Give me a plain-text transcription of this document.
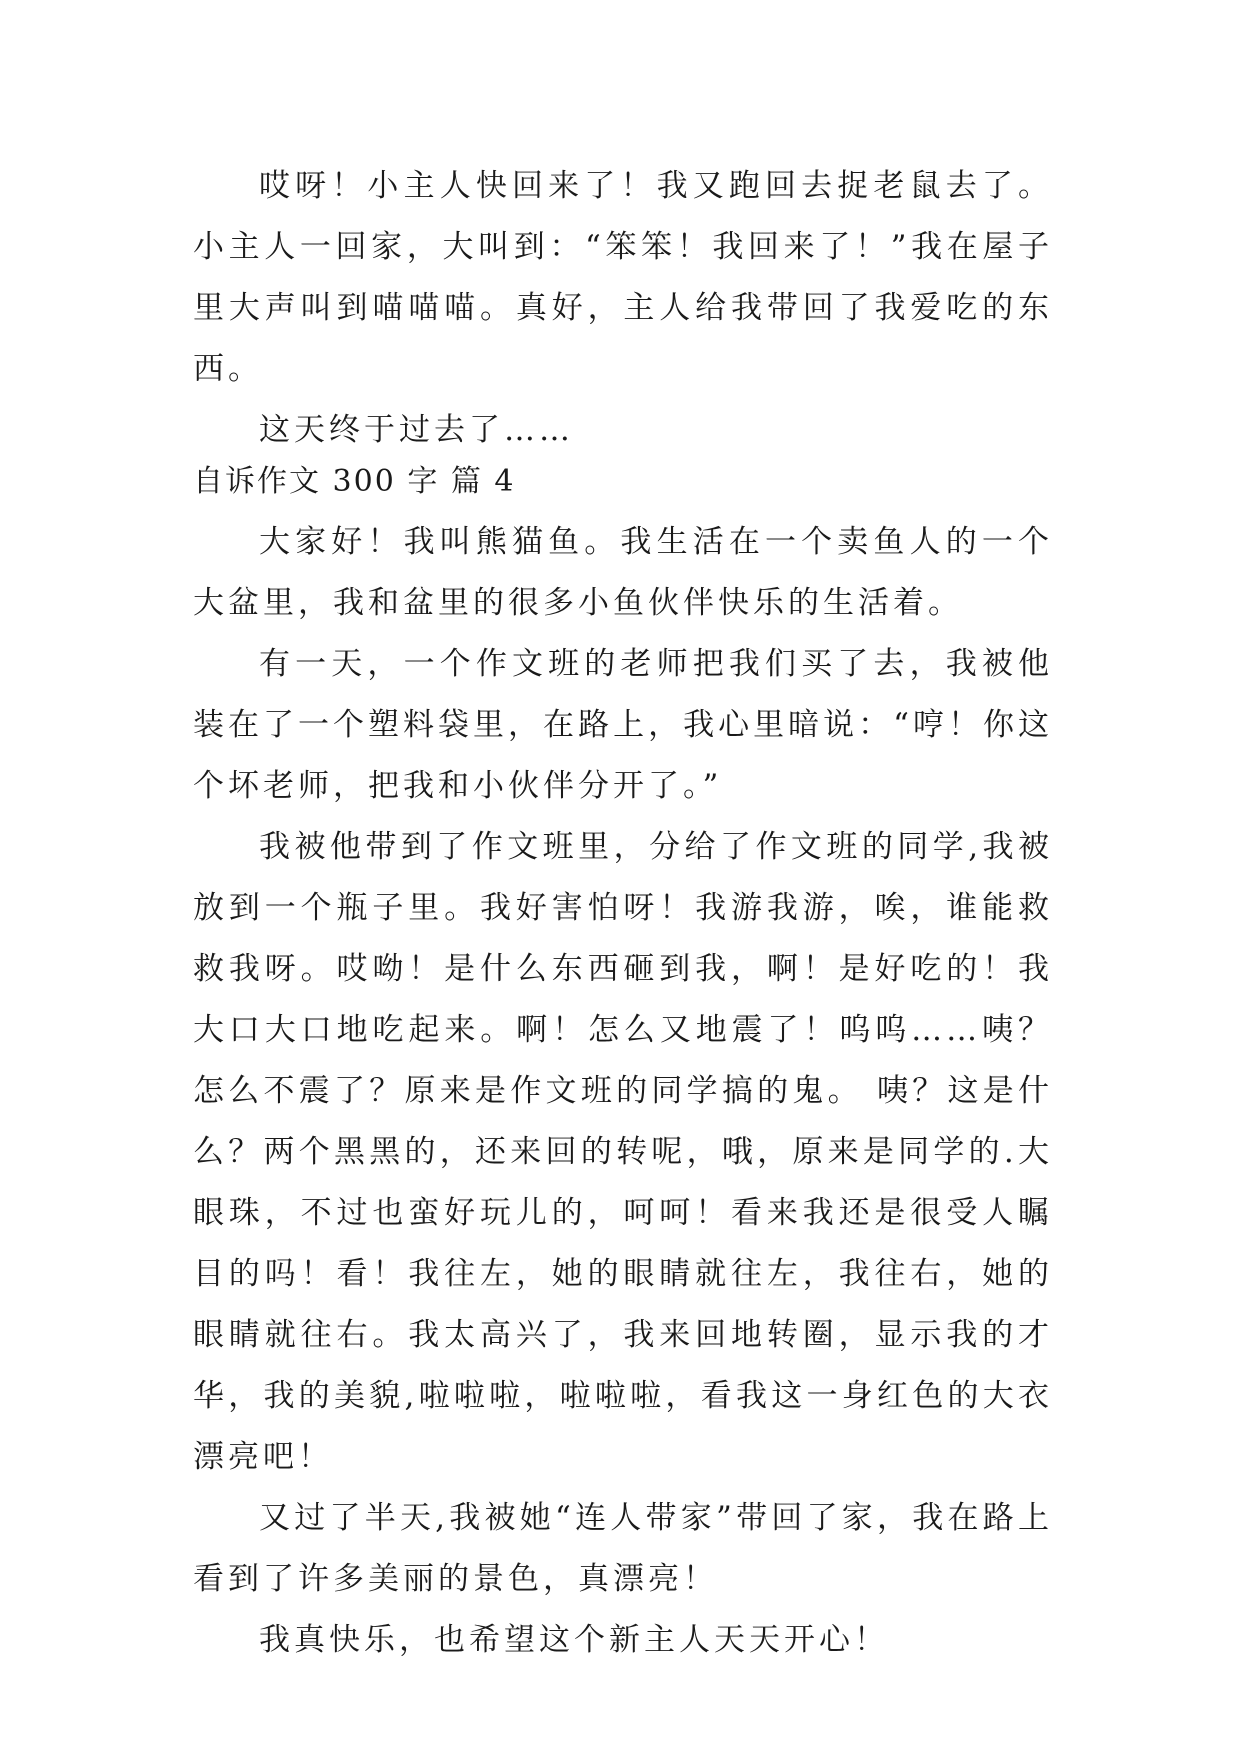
哎呀！小主人快回来了！我又跑回去捉老鼠去了。小主人一回家，大叫到：“笨笨！我回来了！”我在屋子里大声叫到喵喵喵。真好，主人给我带回了我爱吃的东西。

这天终于过去了……

自诉作文 300 字 篇 4

大家好！我叫熊猫鱼。我生活在一个卖鱼人的一个大盆里，我和盆里的很多小鱼伙伴快乐的生活着。

有一天，一个作文班的老师把我们买了去，我被他装在了一个塑料袋里，在路上，我心里暗说：“哼！你这个坏老师，把我和小伙伴分开了。”

我被他带到了作文班里，分给了作文班的同学,我被放到一个瓶子里。我好害怕呀！我游我游，唉，谁能救救我呀。哎呦！是什么东西砸到我，啊！是好吃的！我大口大口地吃起来。啊！怎么又地震了！呜呜……咦？怎么不震了？原来是作文班的同学搞的鬼。 咦？这是什么？两个黑黑的，还来回的转呢，哦，原来是同学的.大眼珠，不过也蛮好玩儿的，呵呵！看来我还是很受人瞩目的吗！看！我往左，她的眼睛就往左，我往右，她的眼睛就往右。我太高兴了，我来回地转圈，显示我的才华，我的美貌,啦啦啦，啦啦啦，看我这一身红色的大衣漂亮吧！

又过了半天,我被她“连人带家”带回了家，我在路上看到了许多美丽的景色，真漂亮！

我真快乐，也希望这个新主人天天开心！
